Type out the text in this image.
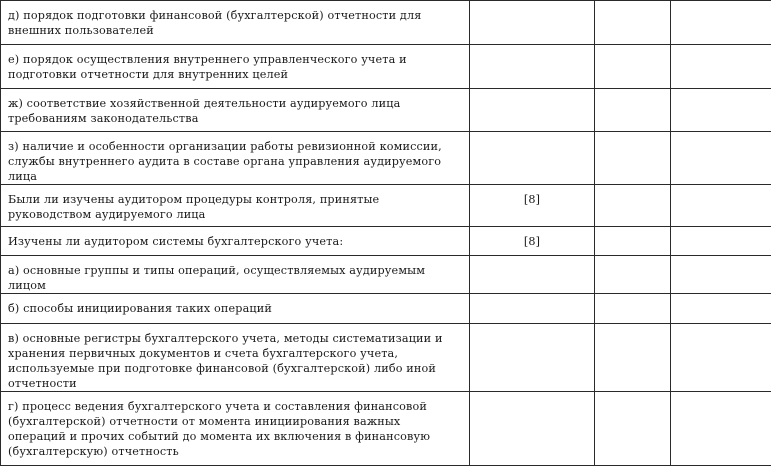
д) порядок подготовки финансовой (бухгалтерской) отчетности для внешних пользователей			
е) порядок осуществления внутреннего управленческого учета и подготовки отчетности для внутренних целей			
ж) соответствие хозяйственной деятельности аудируемого лица требованиям законодательства			
з) наличие и особенности организации работы ревизионной комиссии, службы внутреннего аудита в составе органа управления аудируемого лица			
Были ли изучены аудитором процедуры контроля, принятые руководством аудируемого лица	[8]		
Изучены ли аудитором системы бухгалтерского учета:	[8]		
а) основные группы и типы операций, осуществляемых аудируемым лицом			
б) способы инициирования таких операций			
в) основные регистры бухгалтерского учета, методы систематизации и хранения первичных документов и счета бухгалтерского учета, используемые при подготовке финансовой (бухгалтерской) либо иной отчетности			
г) процесс ведения бухгалтерского учета и составления финансовой (бухгалтерской) отчетности от момента инициирования важных операций и прочих событий до момента их включения в финансовую (бухгалтерскую) отчетность			
